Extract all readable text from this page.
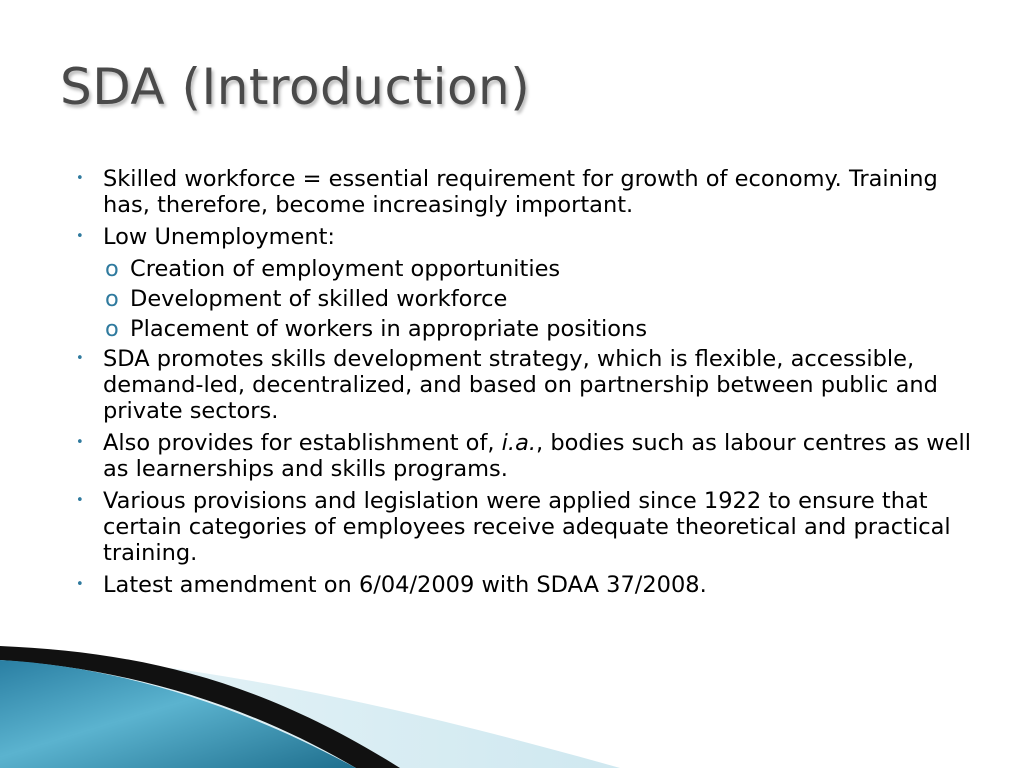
SDA (Introduction)
• Skilled workforce = essential requirement for growth of economy. Training has, therefore, become increasingly important.
• Low Unemployment:
o Creation of employment opportunities
o Development of skilled workforce
o Placement of workers in appropriate positions
• SDA promotes skills development strategy, which is flexible, accessible, demand-led, decentralized, and based on partnership between public and private sectors.
• Also provides for establishment of, i.a., bodies such as labour centres as well as learnerships and skills programs.
• Various provisions and legislation were applied since 1922 to ensure that certain categories of employees receive adequate theoretical and practical training.
• Latest amendment on 6/04/2009 with SDAA 37/2008.
